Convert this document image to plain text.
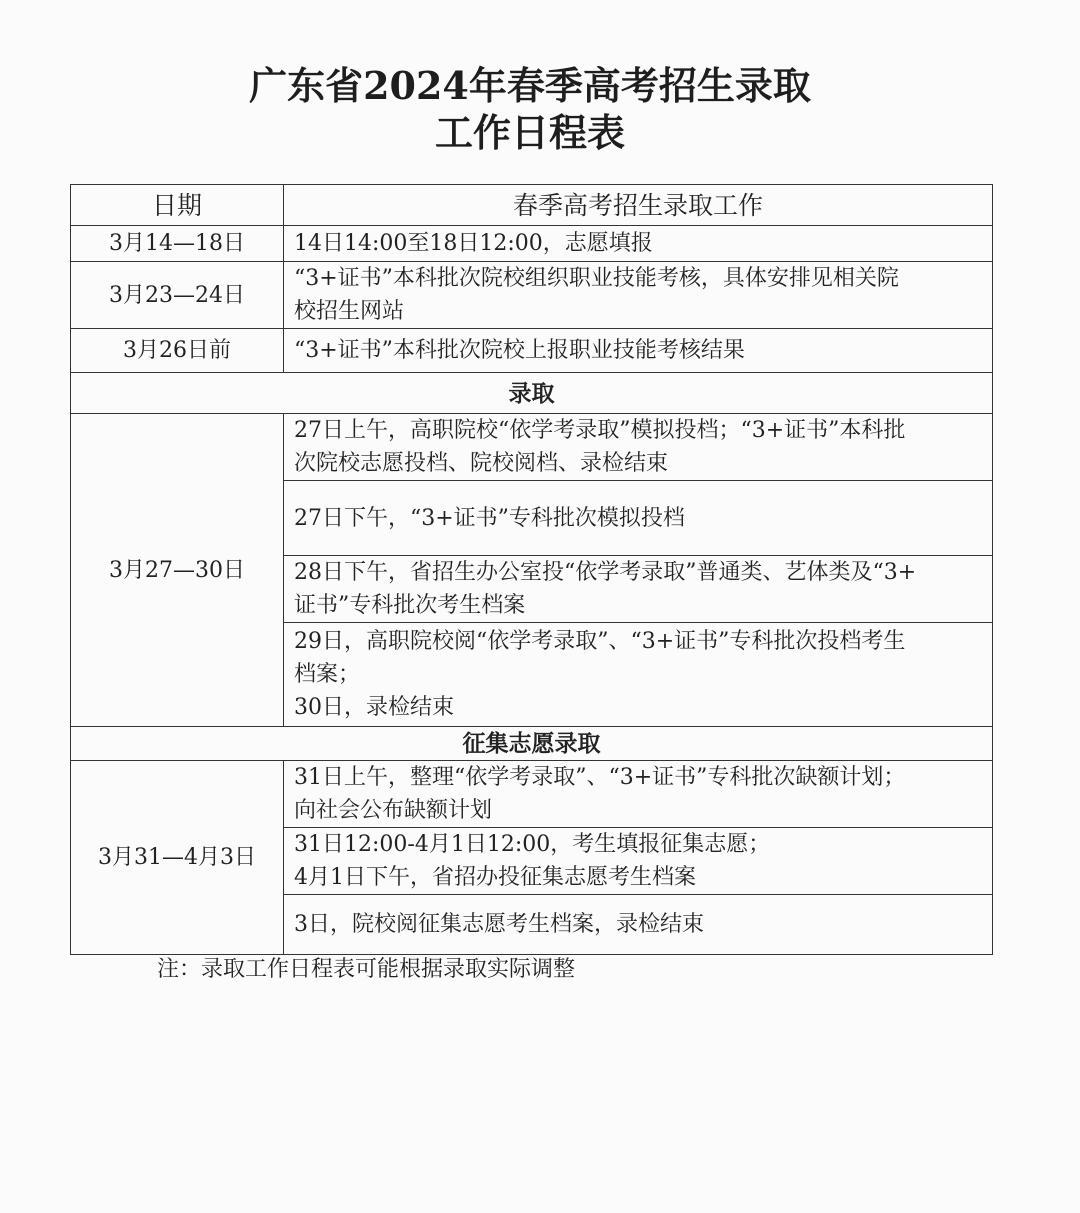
广东省2024年春季高考招生录取
工作日程表
日期	春季高考招生录取工作
3月14—18日	14日14:00至18日12:00，志愿填报
3月23—24日	“3+证书”本科批次院校组织职业技能考核，具体安排见相关院
校招生网站
3月26日前	“3+证书”本科批次院校上报职业技能考核结果
录取	
3月27—30日	27日上午，高职院校“依学考录取”模拟投档；“3+证书”本科批
次院校志愿投档、院校阅档、录检结束
	27日下午，“3+证书”专科批次模拟投档
	28日下午，省招生办公室投“依学考录取”普通类、艺体类及“3+
证书”专科批次考生档案
	29日，高职院校阅“依学考录取”、“3+证书”专科批次投档考生
档案；
30日，录检结束
征集志愿录取	
3月31—4月3日	31日上午，整理“依学考录取”、“3+证书”专科批次缺额计划；
向社会公布缺额计划
	31日12:00-4月1日12:00，考生填报征集志愿；
4月1日下午，省招办投征集志愿考生档案
	3日，院校阅征集志愿考生档案，录检结束
注：录取工作日程表可能根据录取实际调整
